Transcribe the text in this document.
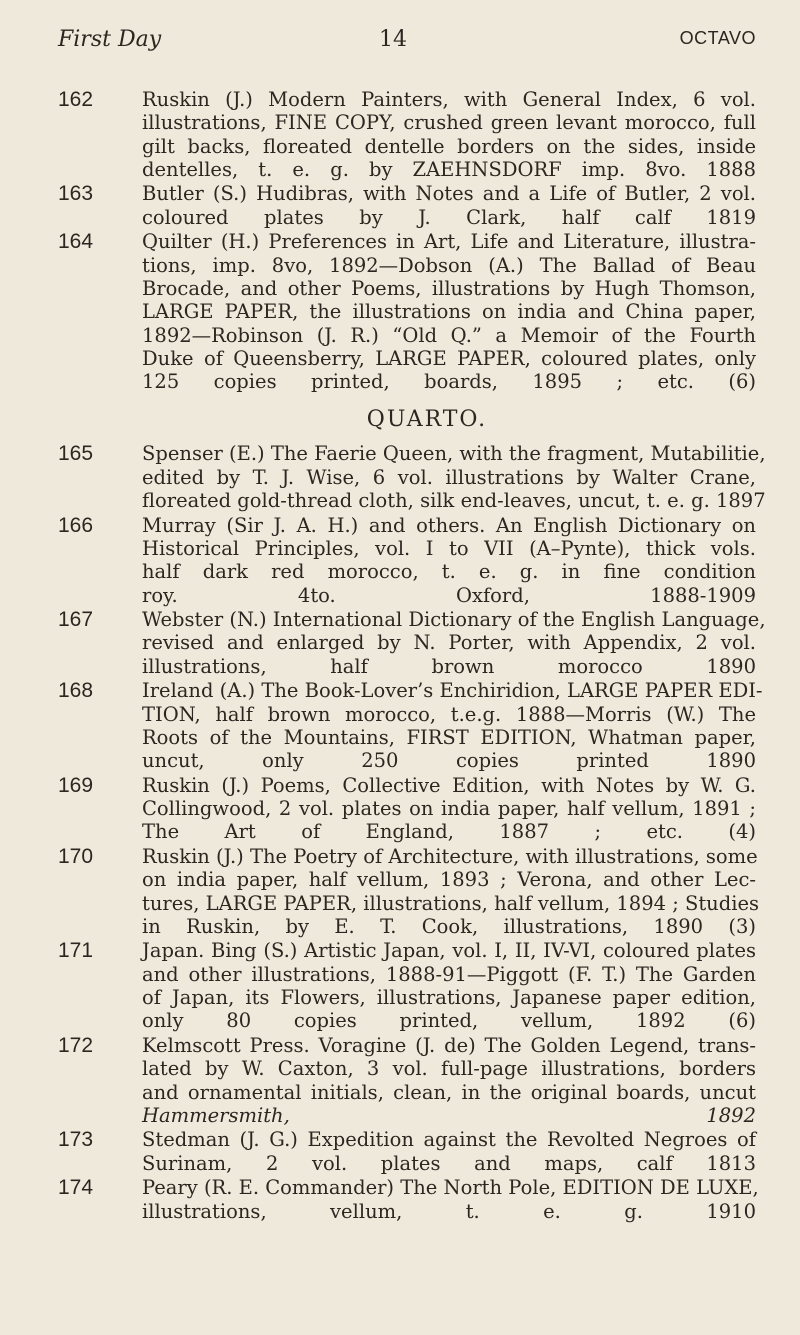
First Day	14	OCTAVO
162	Ruskin (J.) Modern Painters, with General Index, 6 vol.
illustrations, FINE COPY, crushed green levant morocco, full
gilt backs, floreated dentelle borders on the sides, inside
dentelles, t. e. g. by ZAEHNSDORF imp. 8vo. 1888
163	Butler (S.) Hudibras, with Notes and a Life of Butler, 2 vol.
coloured plates by J. Clark, half calf 1819
164	Quilter (H.) Preferences in Art, Life and Literature, illustra-
tions, imp. 8vo, 1892—Dobson (A.) The Ballad of Beau
Brocade, and other Poems, illustrations by Hugh Thomson,
LARGE PAPER, the illustrations on india and China paper,
1892—Robinson (J. R.) “Old Q.” a Memoir of the Fourth
Duke of Queensberry, LARGE PAPER, coloured plates, only
125 copies printed, boards, 1895 ; etc. (6)
QUARTO.
165	Spenser (E.) The Faerie Queen, with the fragment, Mutabilitie,
edited by T. J. Wise, 6 vol. illustrations by Walter Crane,
floreated gold-thread cloth, silk end-leaves, uncut, t. e. g. 1897
166	Murray (Sir J. A. H.) and others. An English Dictionary on
Historical Principles, vol. I to VII (A–Pynte), thick vols.
half dark red morocco, t. e. g. in fine condition
roy. 4to. Oxford, 1888-1909
167	Webster (N.) International Dictionary of the English Language,
revised and enlarged by N. Porter, with Appendix, 2 vol.
illustrations, half brown morocco 1890
168	Ireland (A.) The Book-Lover’s Enchiridion, LARGE PAPER EDI-
TION, half brown morocco, t.e.g. 1888—Morris (W.) The
Roots of the Mountains, FIRST EDITION, Whatman paper,
uncut, only 250 copies printed 1890
169	Ruskin (J.) Poems, Collective Edition, with Notes by W. G.
Collingwood, 2 vol. plates on india paper, half vellum, 1891 ;
The Art of England, 1887 ; etc. (4)
170	Ruskin (J.) The Poetry of Architecture, with illustrations, some
on india paper, half vellum, 1893 ; Verona, and other Lec-
tures, LARGE PAPER, illustrations, half vellum, 1894 ; Studies
in Ruskin, by E. T. Cook, illustrations, 1890 (3)
171	Japan. Bing (S.) Artistic Japan, vol. I, II, IV-VI, coloured plates
and other illustrations, 1888-91—Piggott (F. T.) The Garden
of Japan, its Flowers, illustrations, Japanese paper edition,
only 80 copies printed, vellum, 1892 (6)
172	Kelmscott Press. Voragine (J. de) The Golden Legend, trans-
lated by W. Caxton, 3 vol. full-page illustrations, borders
and ornamental initials, clean, in the original boards, uncut
Hammersmith, 1892
173	Stedman (J. G.) Expedition against the Revolted Negroes of
Surinam, 2 vol. plates and maps, calf 1813
174	Peary (R. E. Commander) The North Pole, EDITION DE LUXE,
illustrations, vellum, t. e. g. 1910
